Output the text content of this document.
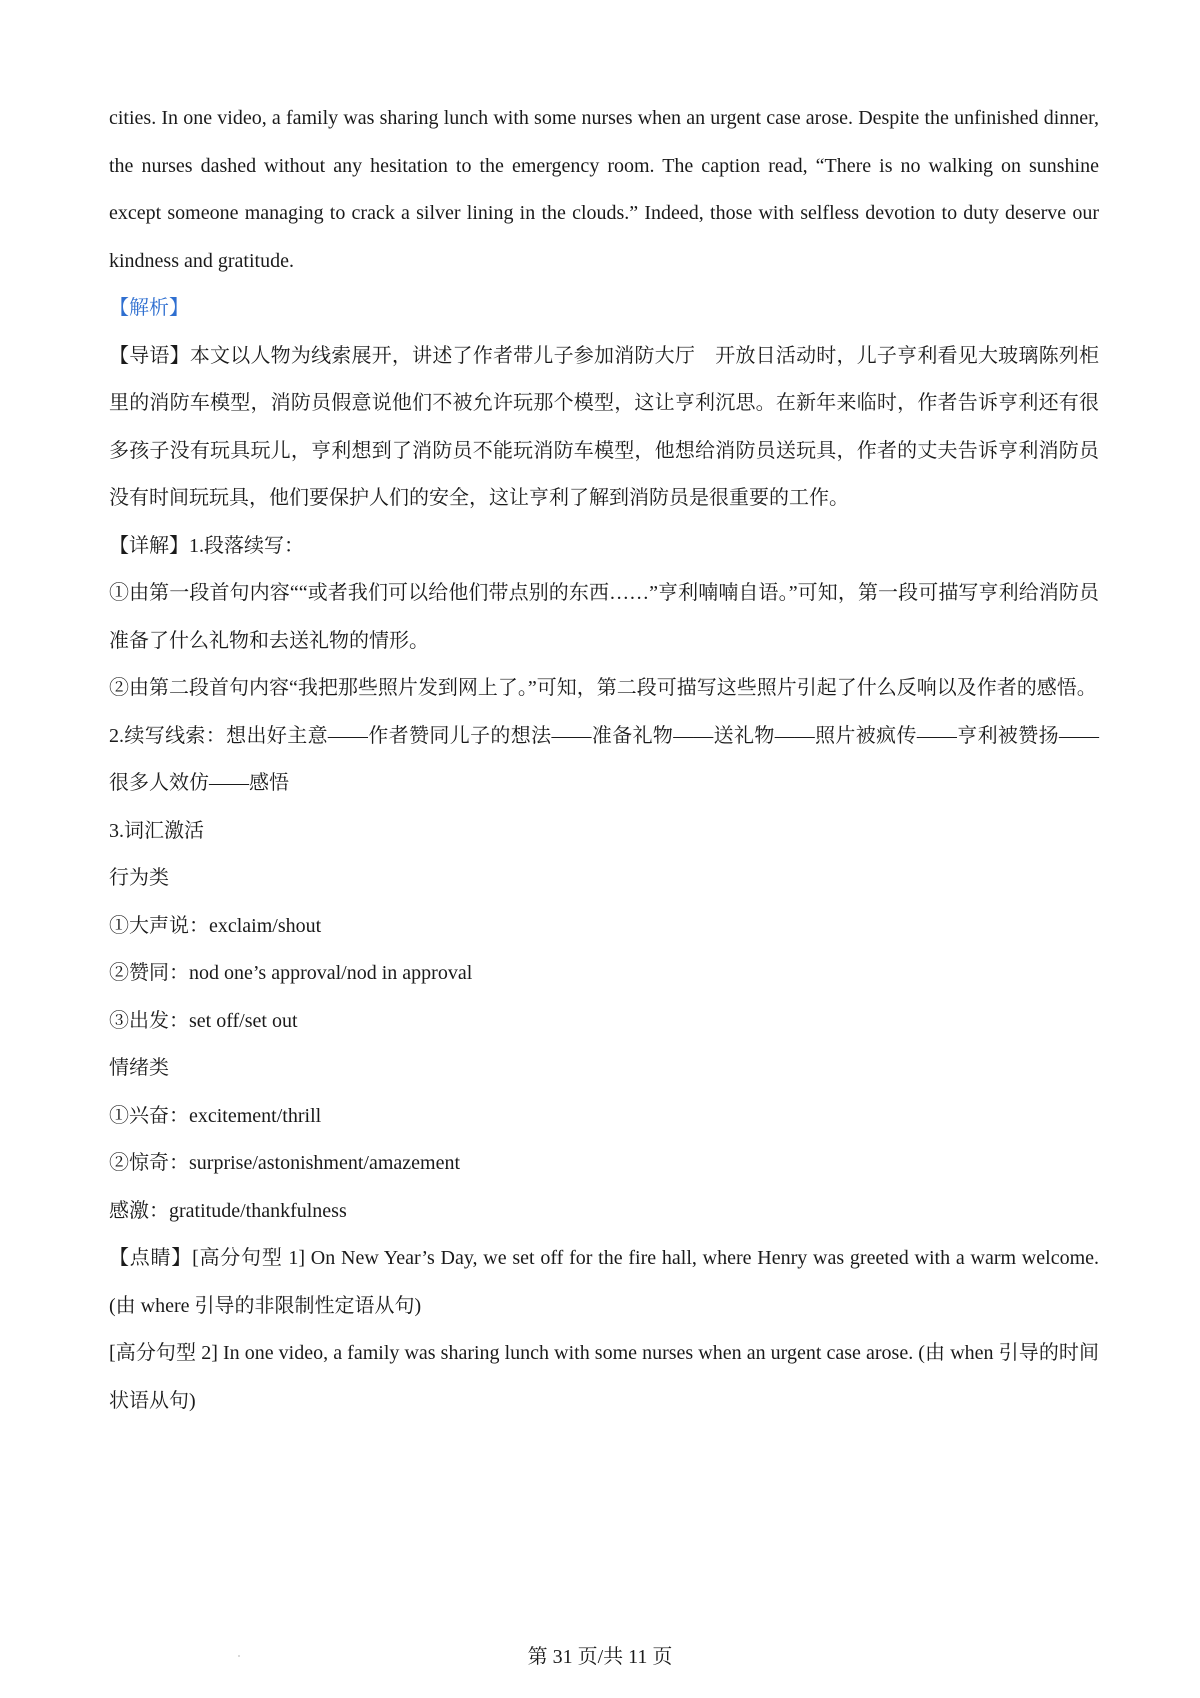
cities. In one video, a family was sharing lunch with some nurses when an urgent case arose. Despite the unfinished dinner, the nurses dashed without any hesitation to the emergency room. The caption read, “There is no walking on sunshine except someone managing to crack a silver lining in the clouds.” Indeed, those with selfless devotion to duty deserve our kindness and gratitude.

【解析】

【导语】本文以人物为线索展开，讲述了作者带儿子参加消防大厅　开放日活动时，儿子亨利看见大玻璃陈列柜里的消防车模型，消防员假意说他们不被允许玩那个模型，这让亨利沉思。在新年来临时，作者告诉亨利还有很多孩子没有玩具玩儿，亨利想到了消防员不能玩消防车模型，他想给消防员送玩具，作者的丈夫告诉亨利消防员没有时间玩玩具，他们要保护人们的安全，这让亨利了解到消防员是很重要的工作。

【详解】1.段落续写：

①由第一段首句内容““或者我们可以给他们带点别的东西……”亨利喃喃自语。”可知，第一段可描写亨利给消防员准备了什么礼物和去送礼物的情形。

②由第二段首句内容“我把那些照片发到网上了。”可知，第二段可描写这些照片引起了什么反响以及作者的感悟。

2.续写线索：想出好主意——作者赞同儿子的想法——准备礼物——送礼物——照片被疯传——亨利被赞扬——很多人效仿——感悟

3.词汇激活

行为类

①大声说：exclaim/shout

②赞同：nod one’s approval/nod in approval

③出发：set off/set out

情绪类

①兴奋：excitement/thrill

②惊奇：surprise/astonishment/amazement

感激：gratitude/thankfulness

【点睛】[高分句型 1] On New Year’s Day, we set off for the fire hall, where Henry was greeted with a warm welcome. (由 where 引导的非限制性定语从句)

[高分句型 2] In one video, a family was sharing lunch with some nurses when an urgent case arose. (由 when 引导的时间状语从句)

第 31 页/共 11 页
